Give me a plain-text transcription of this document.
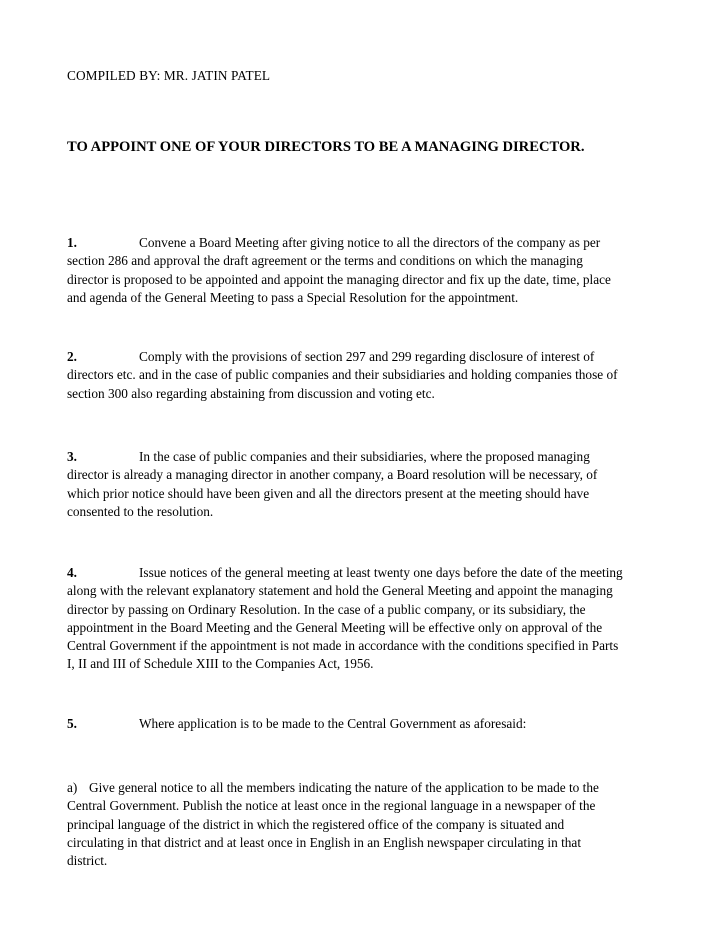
COMPILED BY: MR. JATIN PATEL
TO APPOINT ONE OF YOUR DIRECTORS TO BE A MANAGING DIRECTOR.
1.	Convene a Board Meeting after giving notice to all the directors of the company as per
section 286 and approval the draft agreement or the terms and conditions on which the managing
director is proposed to be appointed and appoint the managing director and fix up the date, time, place
and agenda of the General Meeting to pass a Special Resolution for the appointment.
2.	Comply with the provisions of section 297 and 299 regarding disclosure of interest of
directors etc. and in the case of public companies and their subsidiaries and holding companies those of
section 300 also regarding abstaining from discussion and voting etc.
3.	In the case of public companies and their subsidiaries, where the proposed managing
director is already a managing director in another company, a Board resolution will be necessary, of
which prior notice should have been given and all the directors present at the meeting should have
consented to the resolution.
4.	Issue notices of the general meeting at least twenty one days before the date of the meeting
along with the relevant explanatory statement and hold the General Meeting and appoint the managing
director by passing on Ordinary Resolution. In the case of a public company, or its subsidiary, the
appointment in the Board Meeting and the General Meeting will be effective only on approval of the
Central Government if the appointment is not made in accordance with the conditions specified in Parts
I, II and III of Schedule XIII to the Companies Act, 1956.
5.	Where application is to be made to the Central Government as aforesaid:
a) Give general notice to all the members indicating the nature of the application to be made to the
Central Government. Publish the notice at least once in the regional language in a newspaper of the
principal language of the district in which the registered office of the company is situated and
circulating in that district and at least once in English in an English newspaper circulating in that
district.
